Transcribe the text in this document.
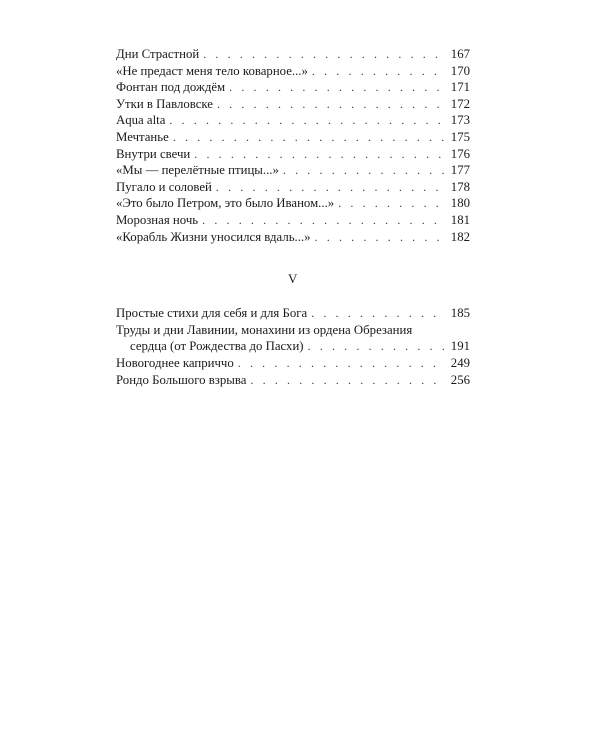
Дни Страстной . . .	167
«Не предаст меня тело коварное...» . . .	170
Фонтан под дождём . . .	171
Утки в Павловске . . .	172
Aqua alta . . .	173
Мечтанье . . .	175
Внутри свечи . . .	176
«Мы — перелётные птицы...» . . .	177
Пугало и соловей . . .	178
«Это было Петром, это было Иваном...» . . .	180
Морозная ночь . . .	181
«Корабль Жизни уносился вдаль...» . . .	182
V
Простые стихи для себя и для Бога . . .	185
Труды и дни Лавинии, монахини из ордена Обрезания
сердца (от Рождества до Пасхи) . . .	191
Новогоднее каприччо . . .	249
Рондо Большого взрыва . . .	256
